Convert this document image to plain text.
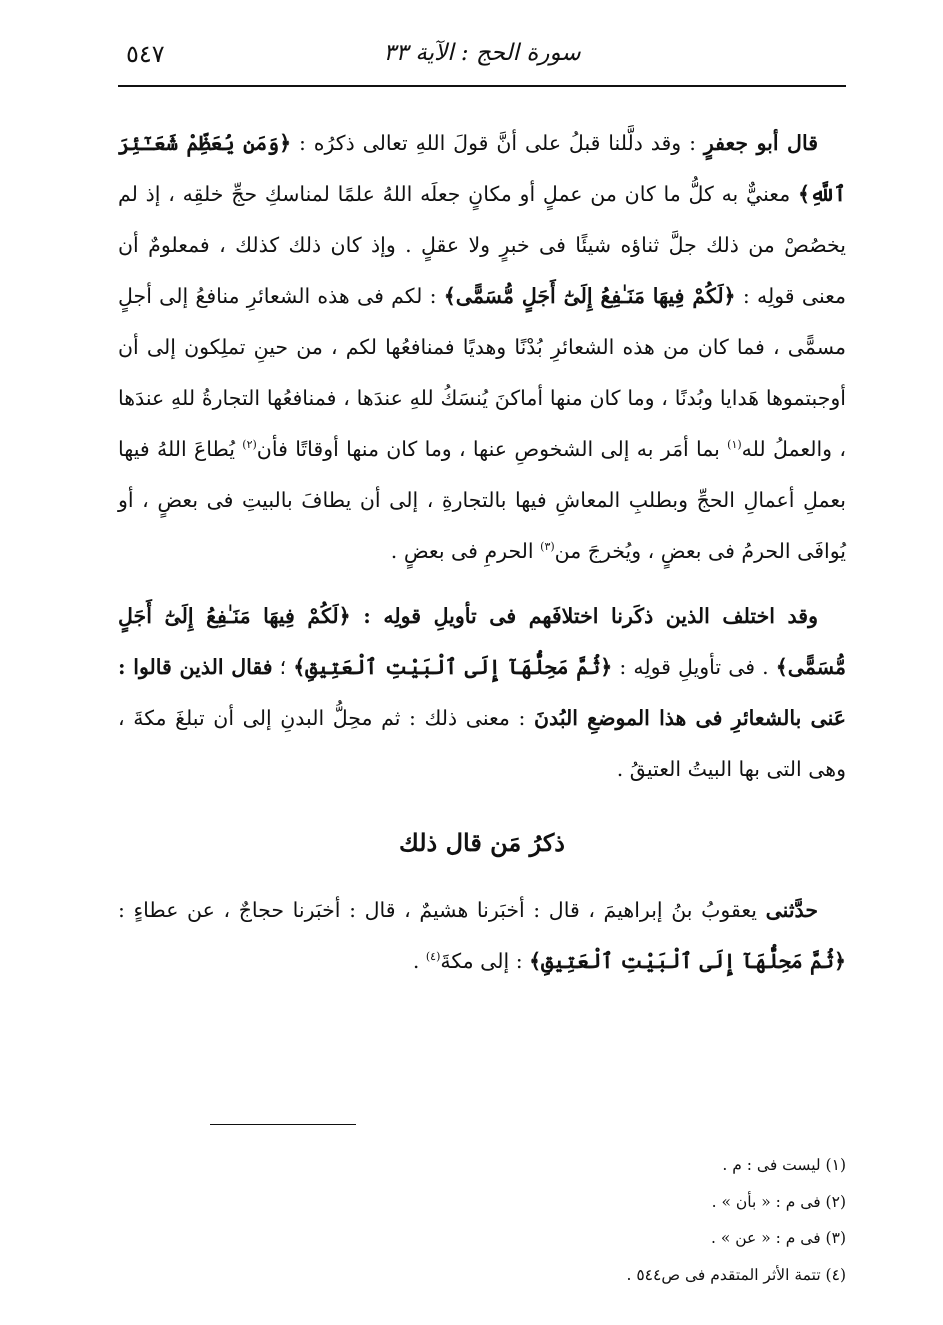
سورة الحج : الآية ٣٣
٥٤٧

قال أبو جعفرٍ : وقد دلَّلنا قبلُ على أنَّ قولَ اللهِ تعالى ذكرُه : ﴿وَمَن يُعَظِّمْ شَعَـٰٓئِرَ ٱللَّهِ﴾ معنيٌّ به كلُّ ما كان من عملٍ أو مكانٍ جعلَه اللهُ علمًا لمناسكِ حجِّ خلقِه ، إذ لم يخصُصْ من ذلك جلَّ ثناؤه شيئًا فى خبرٍ ولا عقلٍ . وإذ كان ذلك كذلك ، فمعلومٌ أن معنى قولِه : ﴿لَكُمْ فِيهَا مَنَـٰفِعُ إِلَىٰٓ أَجَلٍ مُّسَمًّى﴾ : لكم فى هذه الشعائرِ منافعُ إلى أجلٍ مسمًّى ، فما كان من هذه الشعائرِ بُدْنًا وهديًا فمنافعُها لكم ، من حينِ تملِكون إلى أن أوجبتموها هَدايا وبُدنًا ، وما كان منها أماكنَ يُنسَكُ للهِ عندَها ، فمنافعُها التجارةُ للهِ عندَها ، والعملُ لله$^{(١)}$ بما أمَر به إلى الشخوصِ عنها ، وما كان منها أوقاتًا فأن$^{(٢)}$ يُطاعَ اللهُ فيها بعملِ أعمالِ الحجِّ وبطلبِ المعاشِ فيها بالتجارةِ ، إلى أن يطافَ بالبيتِ فى بعضٍ ، أو يُوافَى الحرمُ فى بعضٍ ، ويُخرجَ من$^{(٣)}$ الحرمِ فى بعضٍ .

وقد اختلف الذين ذكَرنا اختلافَهم فى تأويلِ قولِه : ﴿لَكُمْ فِيهَا مَنَـٰفِعُ إِلَىٰٓ أَجَلٍ مُّسَمًّى﴾ . فى تأويلِ قولِه : ﴿ثُمَّ مَحِلُّهَآ إِلَى ٱلْبَيْتِ ٱلْعَتِيقِ﴾ ؛ فقال الذين قالوا : عَنى بالشعائرِ فى هذا الموضعِ البُدنَ : معنى ذلك : ثم محِلُّ البدنِ إلى أن تبلغَ مكةَ ، وهى التى بها البيتُ العتيقُ .

ذكرُ مَن قال ذلك

حدَّثنى يعقوبُ بنُ إبراهيمَ ، قال : أخبَرنا هشيمٌ ، قال : أخبَرنا حجاجٌ ، عن عطاءٍ : ﴿ثُمَّ مَحِلُّهَآ إِلَى ٱلْبَيْتِ ٱلْعَتِيقِ﴾ : إلى مكةَ$^{(٤)}$ .

(١) ليست فى : م .
(٢) فى م : « بأن » .
(٣) فى م : « عن » .
(٤) تتمة الأثر المتقدم فى ص٥٤٤ .
